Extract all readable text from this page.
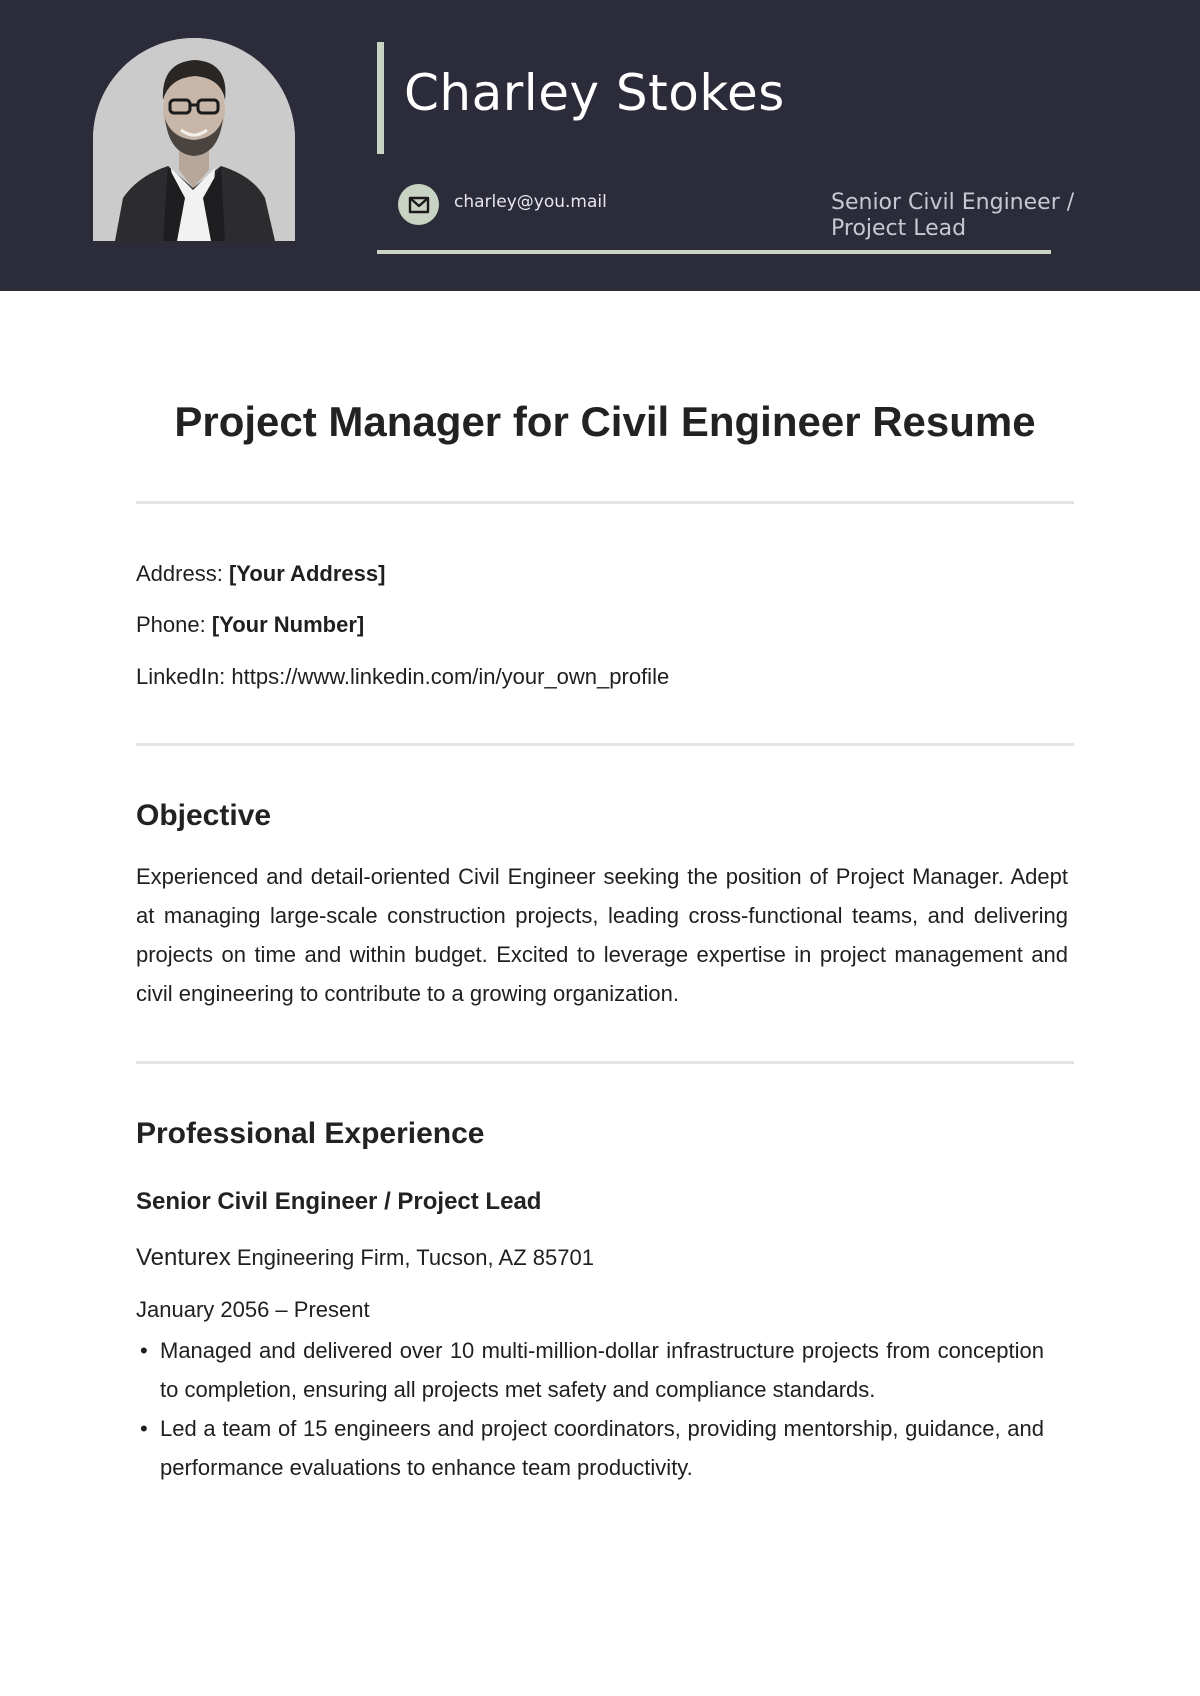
Charley Stokes
charley@you.mail	Senior Civil Engineer / Project Lead
Project Manager for Civil Engineer Resume
Address: [Your Address]
Phone: [Your Number]
LinkedIn: https://www.linkedin.com/in/your_own_profile
Objective

Experienced and detail-oriented Civil Engineer seeking the position of Project Manager. Adept at managing large-scale construction projects, leading cross-functional teams, and delivering projects on time and within budget. Excited to leverage expertise in project management and civil engineering to contribute to a growing organization.

Professional Experience
Senior Civil Engineer / Project Lead
Venturex Engineering Firm, Tucson, AZ 85701
January 2056 – Present
• Managed and delivered over 10 multi-million-dollar infrastructure projects from conception to completion, ensuring all projects met safety and compliance standards.
• Led a team of 15 engineers and project coordinators, providing mentorship, guidance, and performance evaluations to enhance team productivity.
